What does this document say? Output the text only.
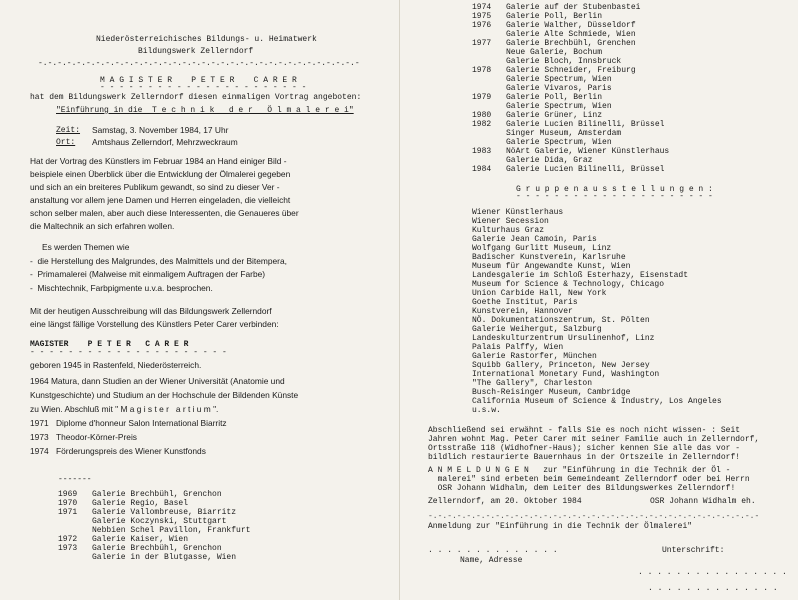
Niederösterreichisches Bildungs- u. Heimatwerk
Bildungswerk Zellerndorf
-.-.-.-.-.-.-.-.-.-.-.-.-.-.-.-.-.-.-.-.-.-.-.-.-.-.-.-.-.-.-.-.-.-
M A G I S T E R    P E T E R    C A R E R
- - - - - - - - - - - - - - - - - - - - - -
hat dem Bildungswerk Zellerndorf diesen einmaligen Vortrag angeboten:
"Einführung in die  T e c h n i k   d e r   Ö l m a l e r e i"
Zeit: Samstag, 3. November 1984, 17 Uhr
Ort: Amtshaus Zellerndorf, Mehrzweckraum
Hat der Vortrag des Künstlers im Februar 1984 an Hand einiger Bild -
beispiele einen Überblick über die Entwicklung der Ölmalerei gegeben
und sich an ein breiteres Publikum gewandt, so sind zu dieser Ver -
anstaltung vor allem jene Damen und Herren eingeladen, die vielleicht
schon selber malen, aber auch diese Interessenten, die Genaueres über
die Maltechnik an sich erfahren wollen.
Es werden Themen wie
-  die Herstellung des Malgrundes, des Malmittels und der Bitempera,
-  Primamalerei (Malweise mit einmaligem Auftragen der Farbe)
-  Mischtechnik, Farbpigmente u.v.a. besprochen.
Mit der heutigen Ausschreibung will das Bildungswerk Zellerndorf
eine längst fällige Vorstellung des Künstlers Peter Carer verbinden:
MAGISTER    P E T E R   C A R E R
- - - - - - - - - - - - - - - - - - - - -
geboren 1945 in Rastenfeld, Niederösterreich.
1964 Matura, dann Studien an der Wiener Universität (Anatomie und
Kunstgeschichte) und Studium an der Hochschule der Bildenden Künste
zu Wien. Abschluß mit " M a g i s t e r   a r t i u m ".
1971 Diplome d'honneur Salon International Biarritz
1973 Theodor-Körner-Preis
1974 Förderungspreis des Wiener Kunstfonds
-------
1969 Galerie Brechbühl, Grenchon
1970 Galerie Regio, Basel
1971 Galerie Vallombreuse, Biarritz
Galerie Koczynski, Stuttgart
Nebbien Schel Pavillon, Frankfurt
1972 Galerie Kaiser, Wien
1973 Galerie Brechbühl, Grenchon
Galerie in der Blutgasse, Wien
1974 Galerie auf der Stubenbastei
1975 Galerie Poll, Berlin
1976 Galerie Walther, Düsseldorf
Galerie Alte Schmiede, Wien
1977 Galerie Brechbühl, Grenchen
Neue Galerie, Bochum
Galerie Bloch, Innsbruck
1978 Galerie Schneider, Freiburg
Galerie Spectrum, Wien
Galerie Vivaros, Paris
1979 Galerie Poll, Berlin
Galerie Spectrum, Wien
1980 Galerie Grüner, Linz
1982 Galerie Lucien Bilinelli, Brüssel
Singer Museum, Amsterdam
Galerie Spectrum, Wien
1983 NöArt Galerie, Wiener Künstlerhaus
Galerie Dida, Graz
1984 Galerie Lucien Bilinelli, Brüssel
G r u p p e n a u s s t e l l u n g e n :
- - - - - - - - - - - - - - - - - - - - -
Wiener Künstlerhaus
Wiener Secession
Kulturhaus Graz
Galerie Jean Camoin, Paris
Wolfgang Gurlitt Museum, Linz
Badischer Kunstverein, Karlsruhe
Museum für Angewandte Kunst, Wien
Landesgalerie im Schloß Esterhazy, Eisenstadt
Museum for Science & Technology, Chicago
Union Carbide Hall, New York
Goethe Institut, Paris
Kunstverein, Hannover
NÖ. Dokumentationszentrum, St. Pölten
Galerie Weihergut, Salzburg
Landeskulturzentrum Ursulinenhof, Linz
Palais Palffy, Wien
Galerie Rastorfer, München
Squibb Gallery, Princeton, New Jersey
International Monetary Fund, Washington
"The Gallery", Charleston
Busch-Reisinger Museum, Cambridge
California Museum of Science & Industry, Los Angeles
u.s.w.
Abschließend sei erwähnt - falls Sie es noch nicht wissen- : Seit
Jahren wohnt Mag. Peter Carer mit seiner Familie auch in Zellerndorf,
Ortsstraße 118 (Widhofner-Haus); sicher kennen Sie alle das vor -
bildlich restaurierte Bauernhaus in der Ortszeile in Zellerndorf!
A N M E L D U N G E N   zur "Einführung in die Technik der Öl -
malerei" sind erbeten beim Gemeindeamt Zellerndorf oder bei Herrn
OSR Johann Widhalm, dem Leiter des Bildungswerkes Zellerndorf!
Zellerndorf, am 20. Oktober 1984	OSR Johann Widhalm eh.
-.-.-.-.-.-.-.-.-.-.-.-.-.-.-.-.-.-.-.-.-.-.-.-.-.-.-.-.-.-.-.-.-.-.-
Anmeldung zur "Einführung in die Technik der Ölmalerei"
. . . . . . . . . . . . . .	Unterschrift:
Name, Adresse
. . . . . . . . . . . . . . . .
. . . . . . . . . . . . . .
